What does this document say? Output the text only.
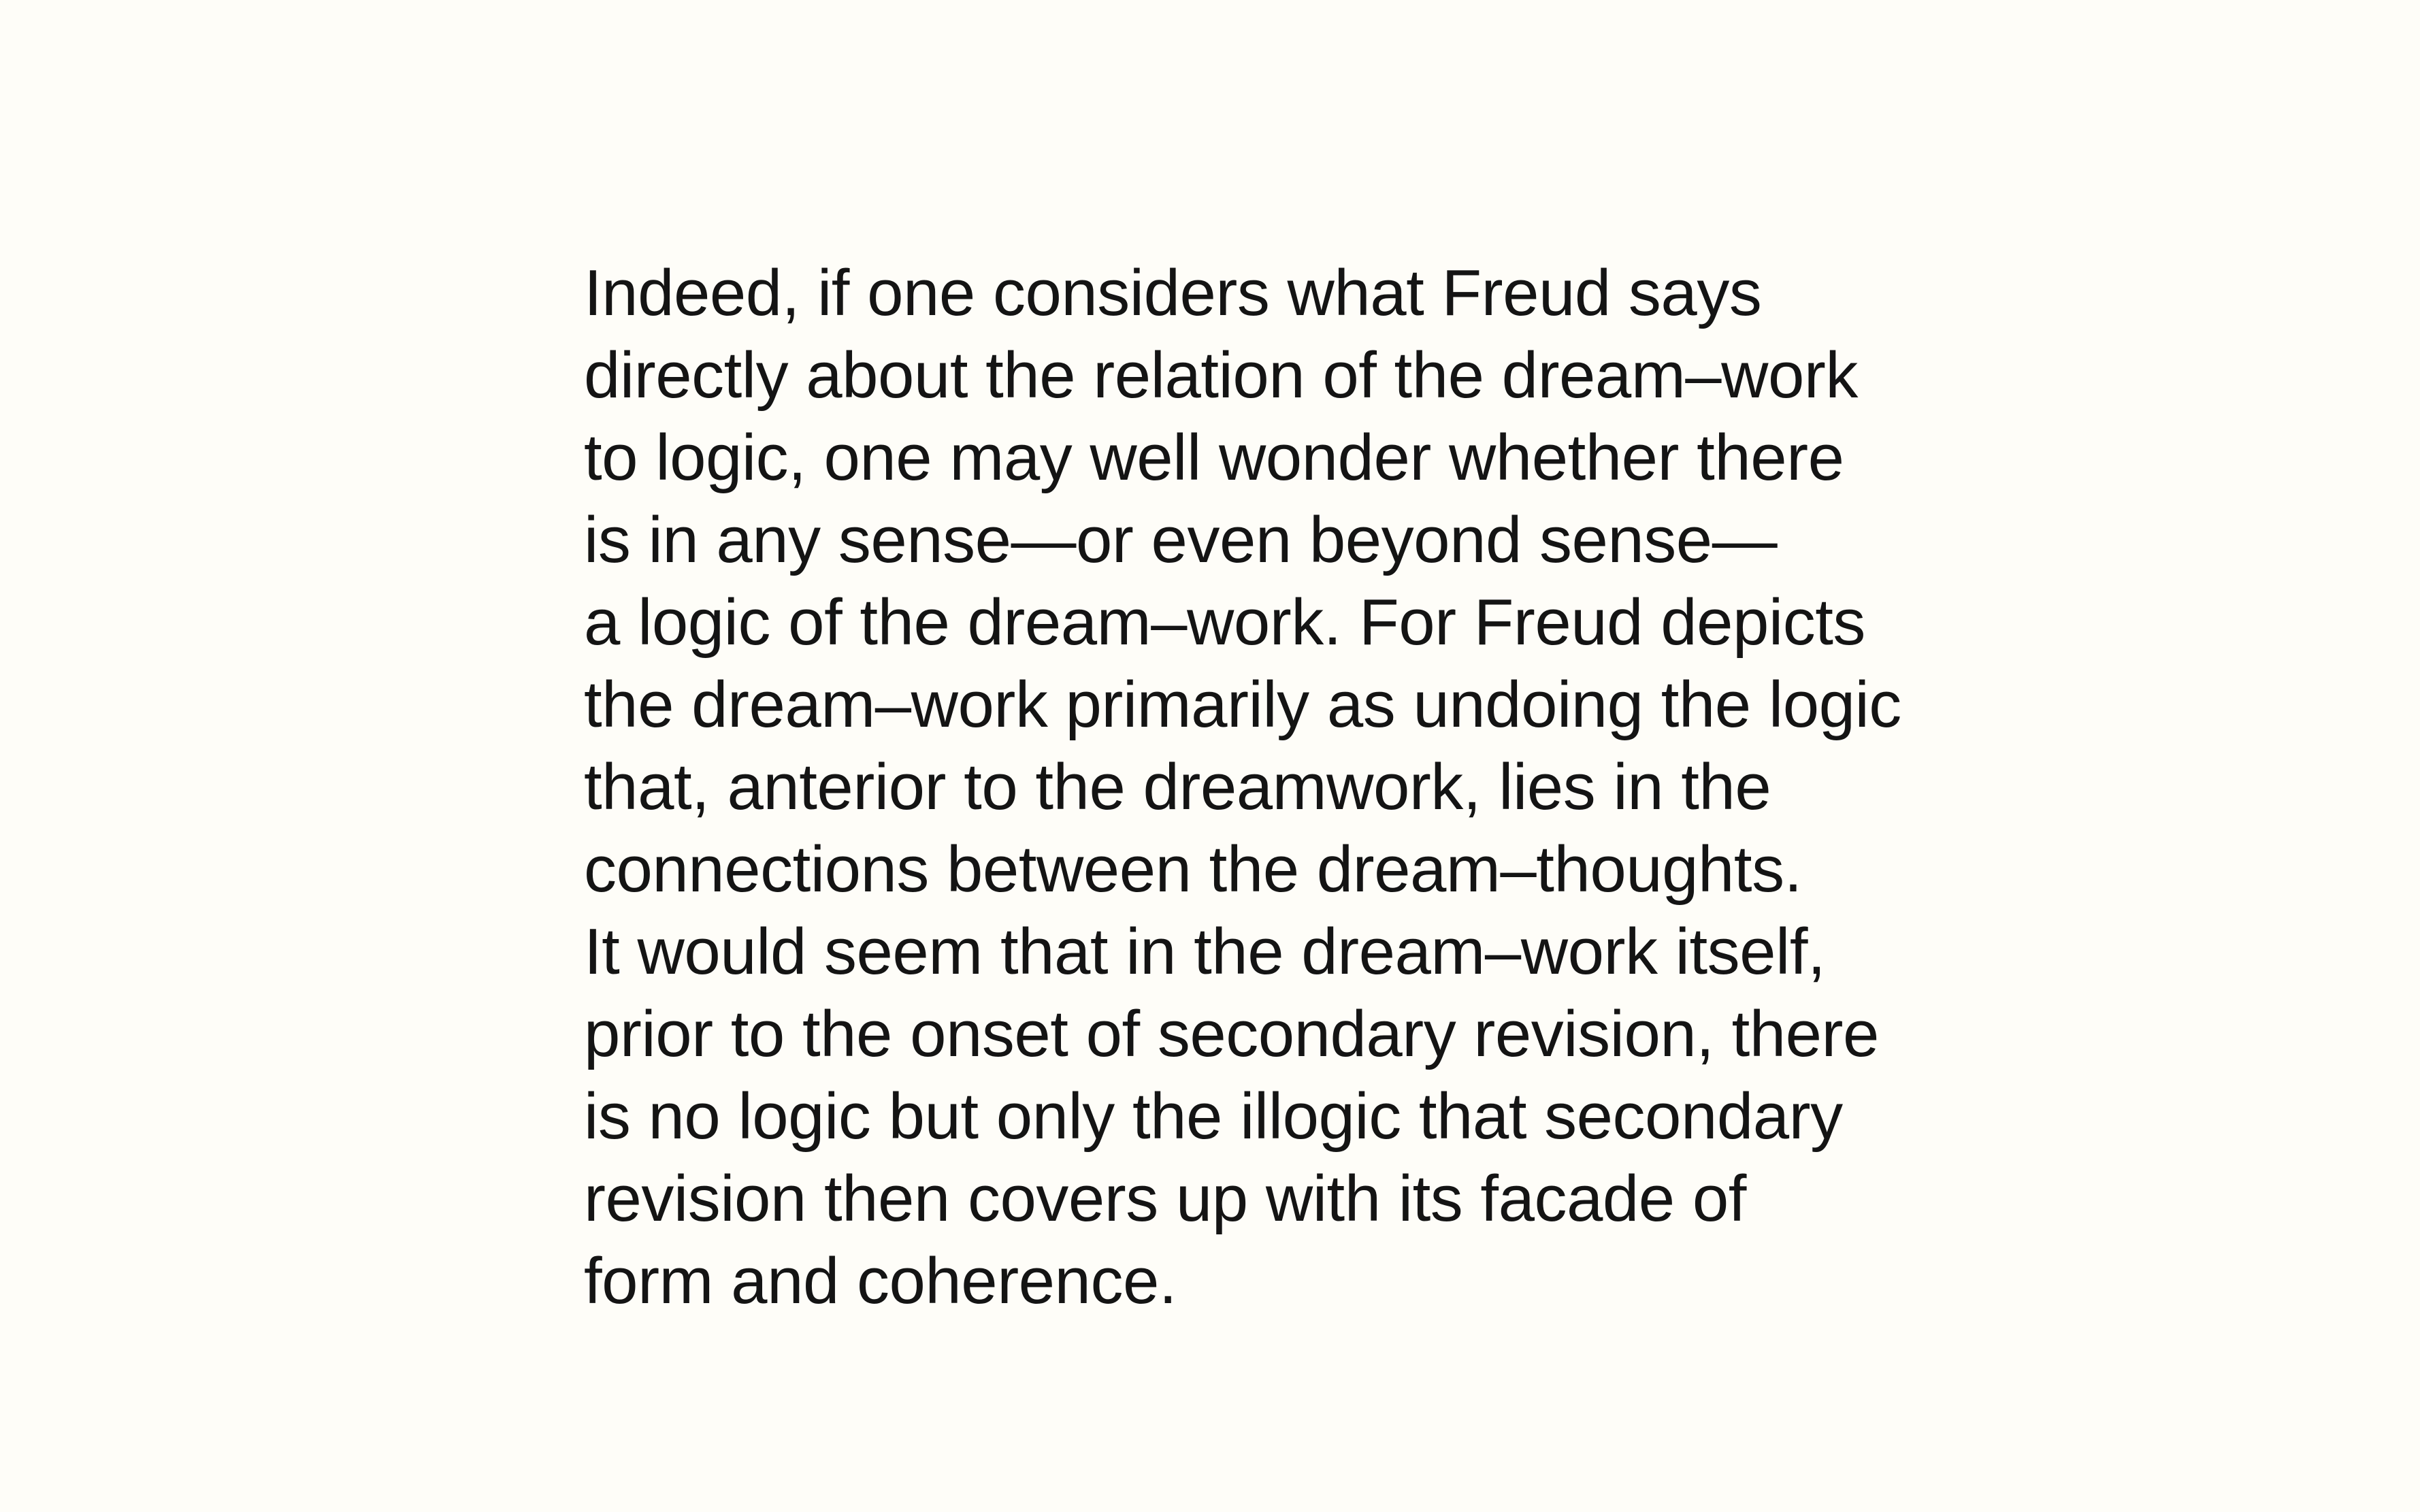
Indeed, if one considers what Freud says
directly about the relation of the dream–work
to logic, one may well wonder whether there
is in any sense—or even beyond sense—
a logic of the dream–work. For Freud depicts
the dream–work primarily as undoing the logic
that, anterior to the dreamwork, lies in the
connections between the dream–thoughts.
It would seem that in the dream–work itself,
prior to the onset of secondary revision, there
is no logic but only the illogic that secondary
revision then covers up with its facade of
form and coherence.
